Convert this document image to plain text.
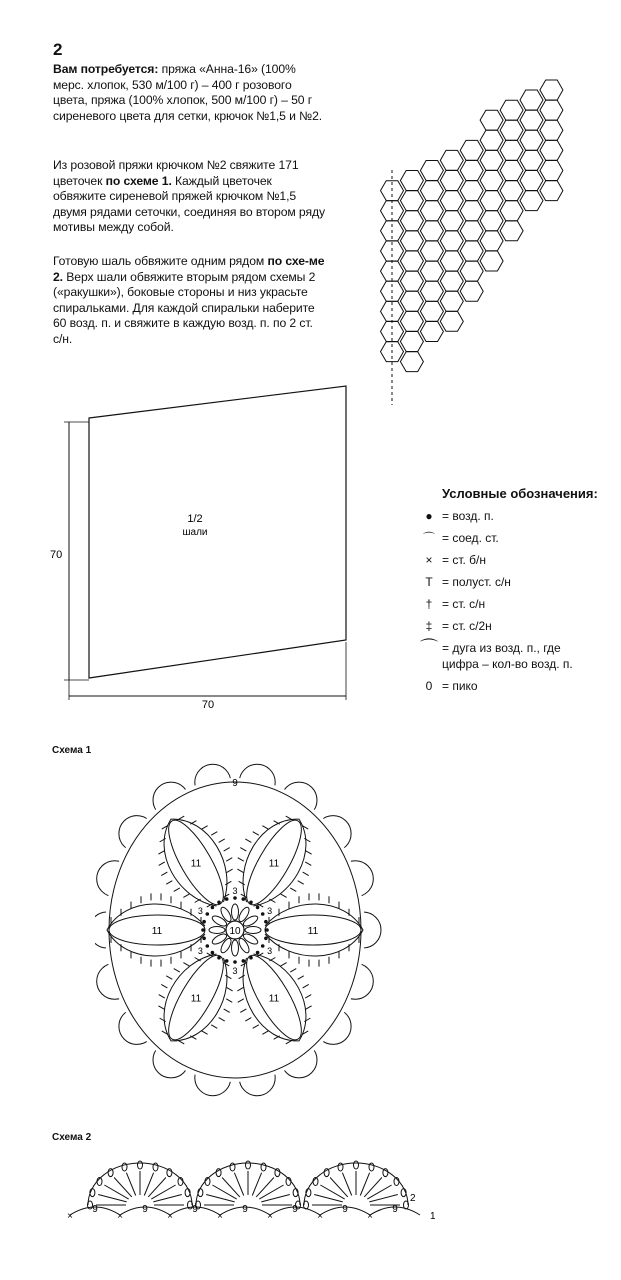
2
Вам потребуется: пряжа «Анна-16» (100% мерс. хлопок, 530 м/100 г) – 400 г розового цвета, пряжа (100% хлопок, 500 м/100 г) – 50 г сиреневого цвета для сетки, крючок №1,5 и №2.
Из розовой пряжи крючком №2 свяжите 171 цветочек по схеме 1. Каждый цветочек обвяжите сиреневой пряжей крючком №1,5 двумя рядами сеточки, соединяя во втором ряду мотивы между собой.
Готовую шаль обвяжите одним рядом по схе-ме 2. Верх шали обвяжите вторым рядом схемы 2 («ракушки»), боковые стороны и низ украсьте спиральками. Для каждой спиральки наберите 60 возд. п. и свяжите в каждую возд. п. по 2 ст. с/н.
1/2
шали
70
70
Условные обозначения:
● = возд. п.
⌒ = соед. ст.
× = ст. б/н
T = полуст. с/н
† = ст. с/н
‡ = ст. с/2н
⌒ = дуга из возд. п., где цифра – кол-во возд. п.
0 = пико
Схема 1
11
11
11
11
11	11
3
3
3
3
3
3
10
9
Схема 2
9
×
9
×
9
×
9
×
9
×
9
×
9
×	1
2
